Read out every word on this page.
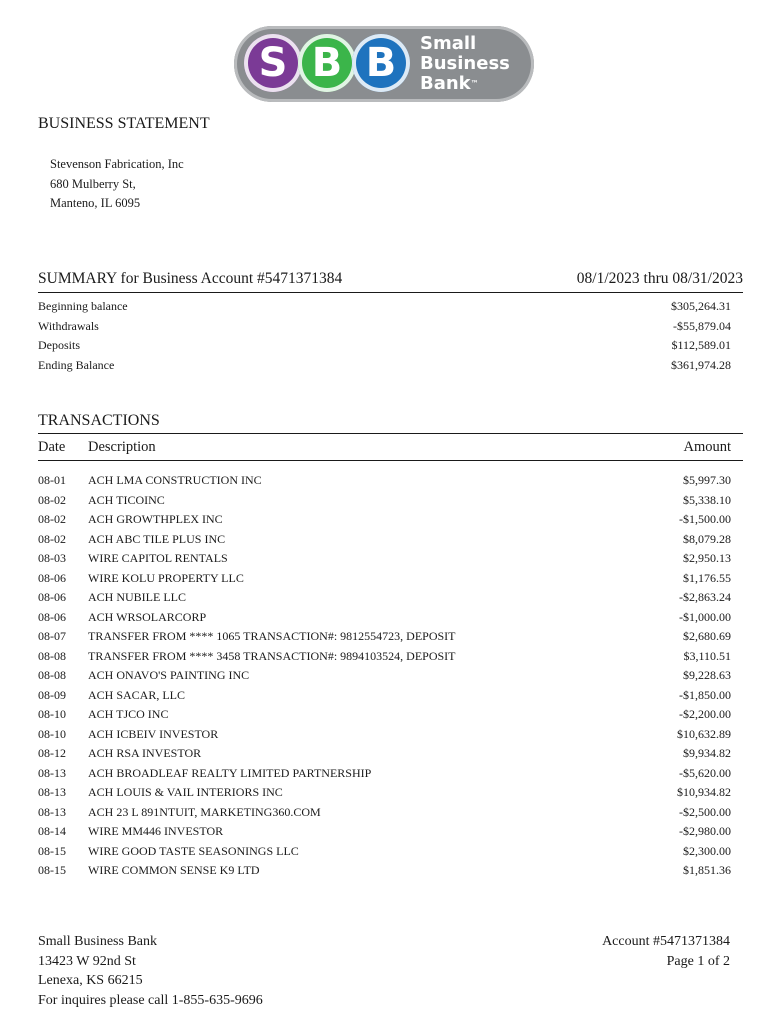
S B B	Small
Business
Bank™
BUSINESS STATEMENT
Stevenson Fabrication, Inc
680 Mulberry St,
Manteno, IL 6095
SUMMARY for Business Account #5471371384	08/1/2023 thru 08/31/2023
Beginning balance	$305,264.31
Withdrawals	-$55,879.04
Deposits	$112,589.01
Ending Balance	$361,974.28
TRANSACTIONS
Date Description	Amount
08-01 ACH LMA CONSTRUCTION INC	$5,997.30
08-02 ACH TICOINC	$5,338.10
08-02 ACH GROWTHPLEX INC	-$1,500.00
08-02 ACH ABC TILE PLUS INC	$8,079.28
08-03 WIRE CAPITOL RENTALS	$2,950.13
08-06 WIRE KOLU PROPERTY LLC	$1,176.55
08-06 ACH NUBILE LLC	-$2,863.24
08-06 ACH WRSOLARCORP	-$1,000.00
08-07 TRANSFER FROM **** 1065 TRANSACTION#: 9812554723, DEPOSIT	$2,680.69
08-08 TRANSFER FROM **** 3458 TRANSACTION#: 9894103524, DEPOSIT	$3,110.51
08-08 ACH ONAVO'S PAINTING INC	$9,228.63
08-09 ACH SACAR, LLC	-$1,850.00
08-10 ACH TJCO INC	-$2,200.00
08-10 ACH ICBEIV INVESTOR	$10,632.89
08-12 ACH RSA INVESTOR	$9,934.82
08-13 ACH BROADLEAF REALTY LIMITED PARTNERSHIP	-$5,620.00
08-13 ACH LOUIS & VAIL INTERIORS INC	$10,934.82
08-13 ACH 23 L 891NTUIT, MARKETING360.COM	-$2,500.00
08-14 WIRE MM446 INVESTOR	-$2,980.00
08-15 WIRE GOOD TASTE SEASONINGS LLC	$2,300.00
08-15 WIRE COMMON SENSE K9 LTD	$1,851.36
Small Business Bank
13423 W 92nd St
Lenexa, KS 66215
For inquires please call 1-855-635-9696
Account #5471371384
Page 1 of 2
